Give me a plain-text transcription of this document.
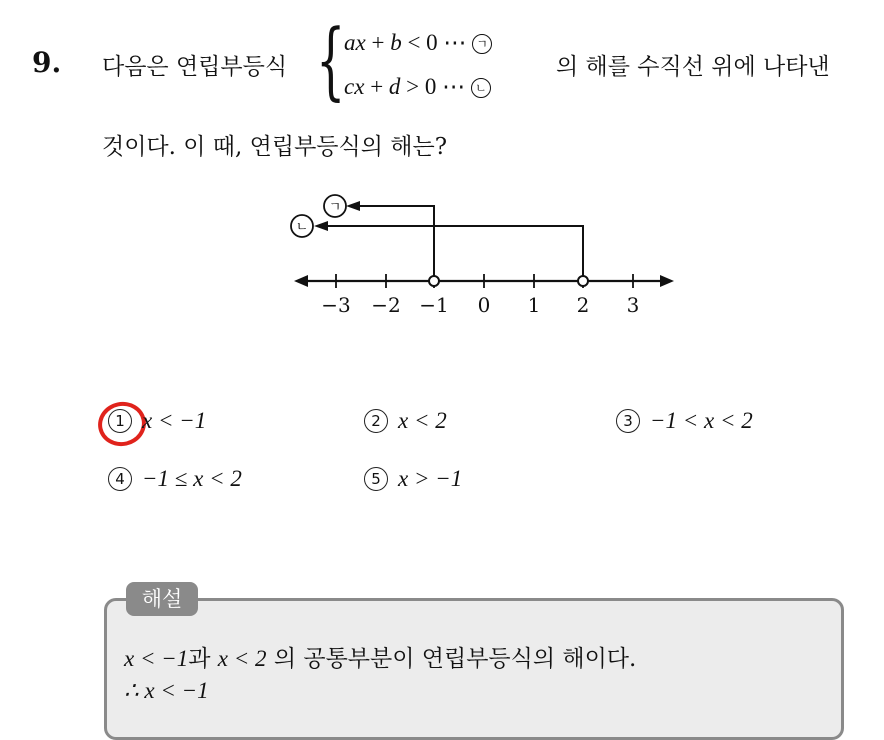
9. 다음은 연립부등식 {
ax + b < 0 ⋯ ㄱ
cx + d > 0 ⋯ ㄴ
의 해를 수직선 위에 나타낸
것이다. 이 때, 연립부등식의 해는?
−3 −2 −1 0 1 2 3
ㄱ
ㄴ
1 x < −1	2 x < 2	3 −1 < x < 2
4 −1 ≤ x < 2	5 x > −1
해설
x < −1과 x < 2 의 공통부분이 연립부등식의 해이다.
∴ x < −1
